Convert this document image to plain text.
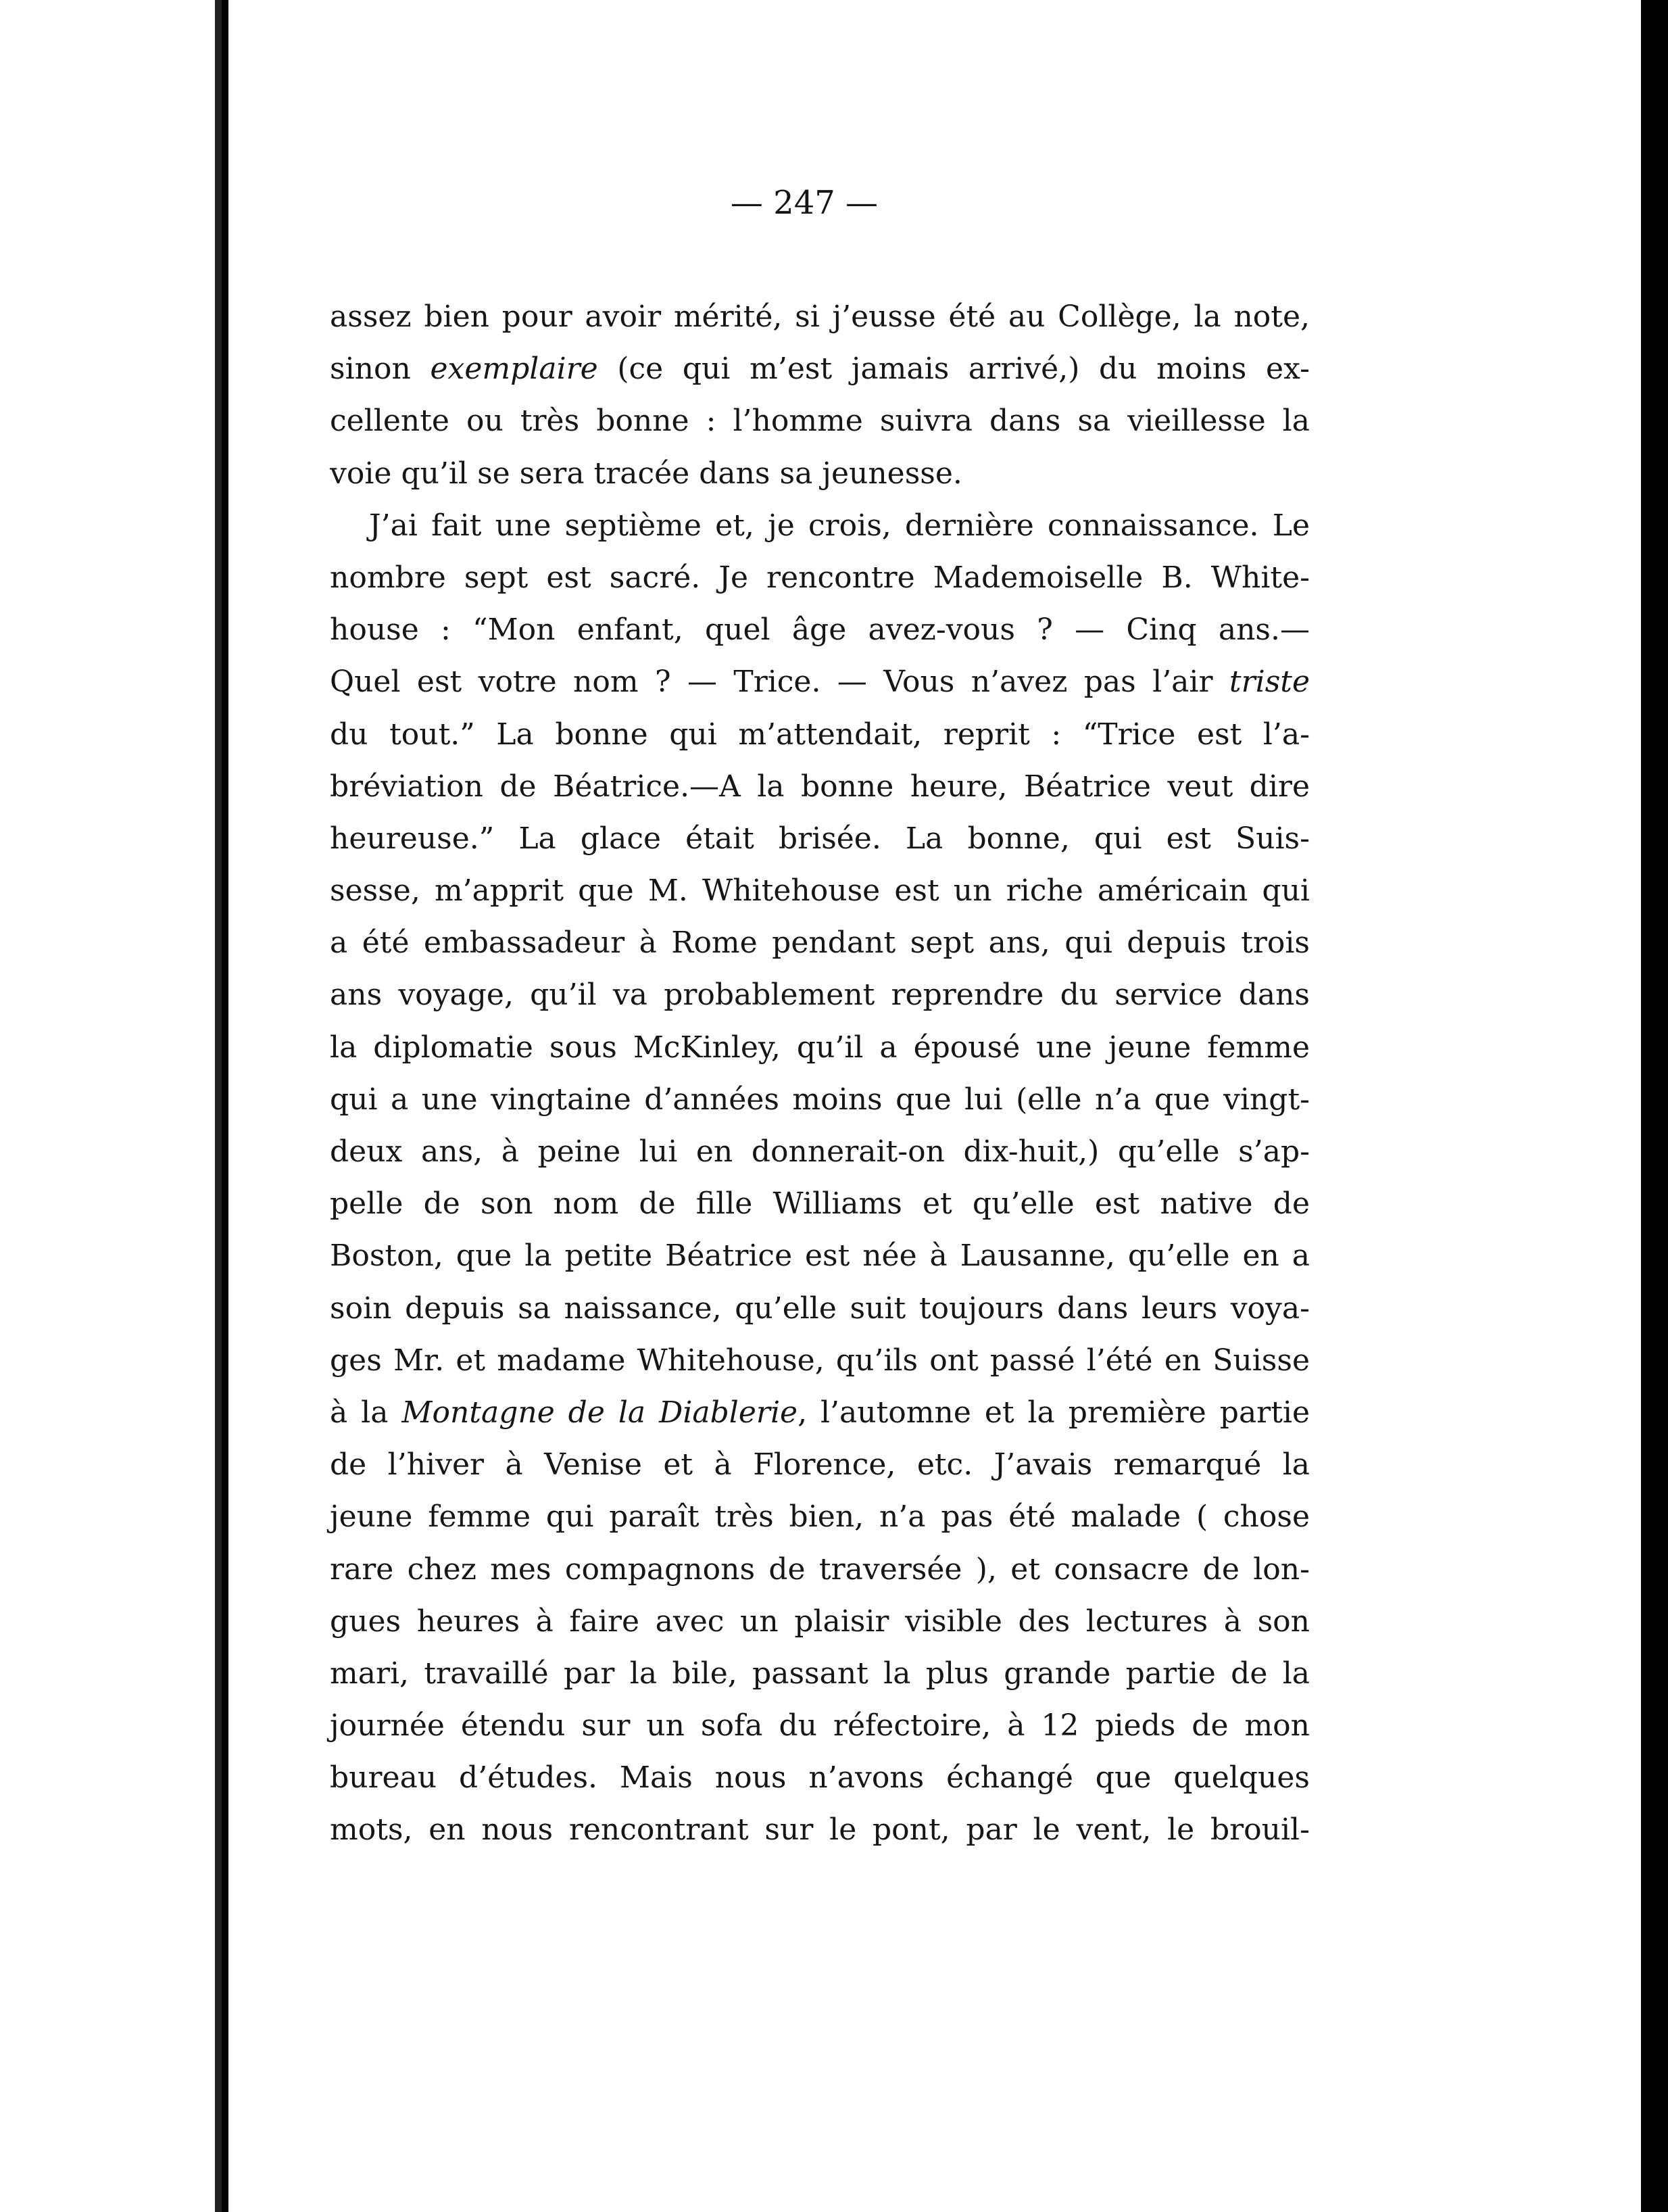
— 247 —
assez bien pour avoir mérité, si j’eusse été au Collège, la note,
sinon exemplaire (ce qui m’est jamais arrivé,) du moins ex-
cellente ou très bonne : l’homme suivra dans sa vieillesse la
voie qu’il se sera tracée dans sa jeunesse.
J’ai fait une septième et, je crois, dernière connaissance. Le
nombre sept est sacré. Je rencontre Mademoiselle B. White-
house : “Mon enfant, quel âge avez-vous ? — Cinq ans.—
Quel est votre nom ? — Trice. — Vous n’avez pas l’air triste
du tout.” La bonne qui m’attendait, reprit : “Trice est l’a-
bréviation de Béatrice.—A la bonne heure, Béatrice veut dire
heureuse.” La glace était brisée. La bonne, qui est Suis-
sesse, m’apprit que M. Whitehouse est un riche américain qui
a été embassadeur à Rome pendant sept ans, qui depuis trois
ans voyage, qu’il va probablement reprendre du service dans
la diplomatie sous McKinley, qu’il a épousé une jeune femme
qui a une vingtaine d’années moins que lui (elle n’a que vingt-
deux ans, à peine lui en donnerait-on dix-huit,) qu’elle s’ap-
pelle de son nom de fille Williams et qu’elle est native de
Boston, que la petite Béatrice est née à Lausanne, qu’elle en a
soin depuis sa naissance, qu’elle suit toujours dans leurs voya-
ges Mr. et madame Whitehouse, qu’ils ont passé l’été en Suisse
à la Montagne de la Diablerie, l’automne et la première partie
de l’hiver à Venise et à Florence, etc. J’avais remarqué la
jeune femme qui paraît très bien, n’a pas été malade ( chose
rare chez mes compagnons de traversée ), et consacre de lon-
gues heures à faire avec un plaisir visible des lectures à son
mari, travaillé par la bile, passant la plus grande partie de la
journée étendu sur un sofa du réfectoire, à 12 pieds de mon
bureau d’études. Mais nous n’avons échangé que quelques
mots, en nous rencontrant sur le pont, par le vent, le brouil-
